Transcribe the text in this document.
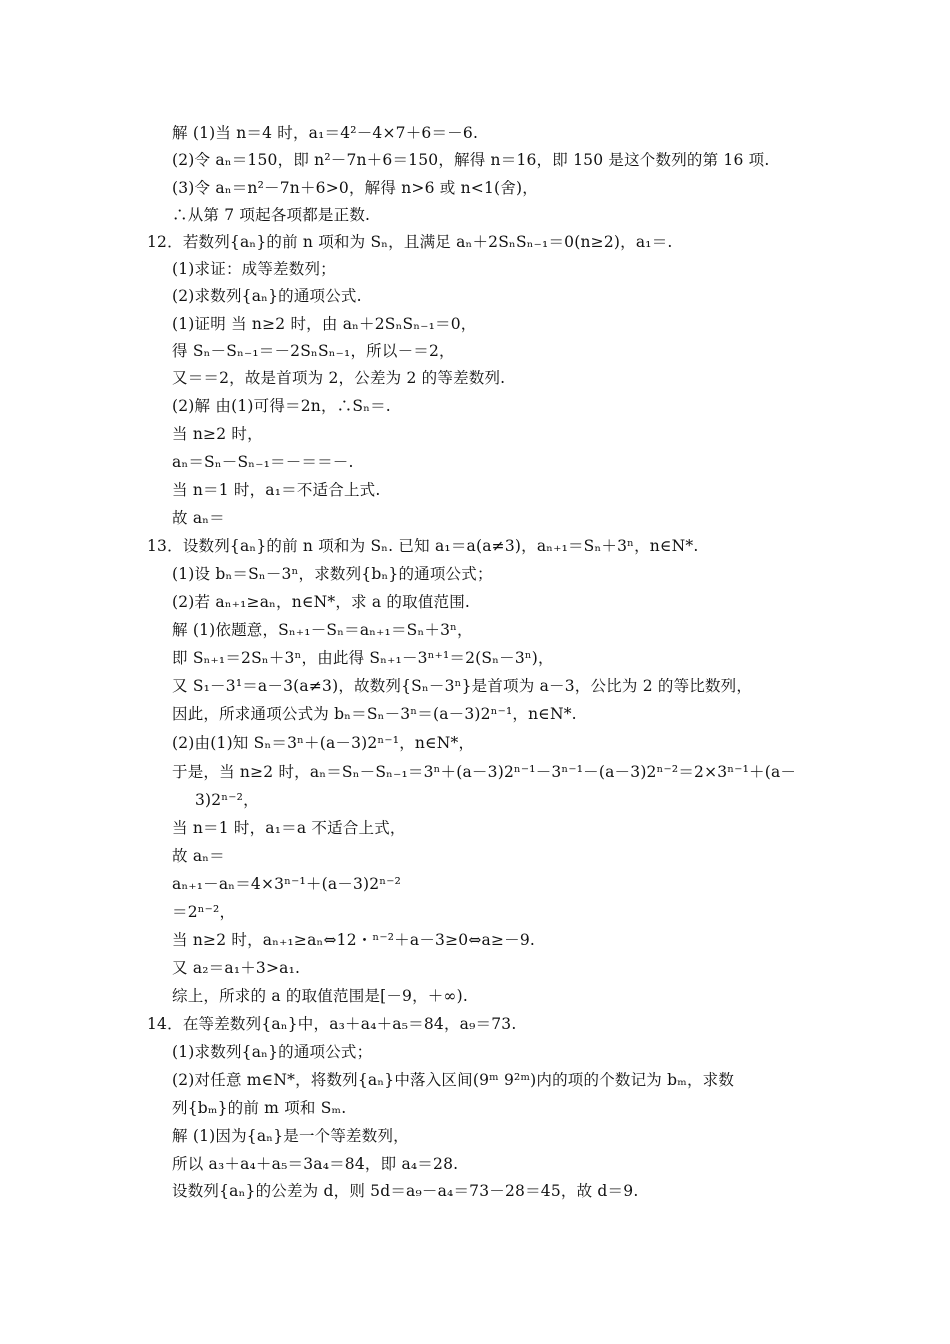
解 (1)当 n＝4 时，a₁＝4²－4×7＋6＝－6.
(2)令 aₙ＝150，即 n²－7n＋6＝150，解得 n＝16，即 150 是这个数列的第 16 项.
(3)令 aₙ＝n²－7n＋6>0，解得 n>6 或 n<1(舍)，
∴从第 7 项起各项都是正数.
12．若数列{aₙ}的前 n 项和为 Sₙ，且满足 aₙ＋2SₙSₙ₋₁＝0(n≥2)，a₁＝.
(1)求证：成等差数列；
(2)求数列{aₙ}的通项公式.
(1)证明 当 n≥2 时，由 aₙ＋2SₙSₙ₋₁＝0，
得 Sₙ－Sₙ₋₁＝－2SₙSₙ₋₁，所以－＝2，
又＝＝2，故是首项为 2，公差为 2 的等差数列.
(2)解 由(1)可得＝2n，∴Sₙ＝.
当 n≥2 时，
aₙ＝Sₙ－Sₙ₋₁＝－＝＝－.
当 n＝1 时，a₁＝不适合上式.
故 aₙ＝
13．设数列{aₙ}的前 n 项和为 Sₙ. 已知 a₁＝a(a≠3)，aₙ₊₁＝Sₙ＋3ⁿ，n∈N*.
(1)设 bₙ＝Sₙ－3ⁿ，求数列{bₙ}的通项公式；
(2)若 aₙ₊₁≥aₙ，n∈N*，求 a 的取值范围.
解 (1)依题意，Sₙ₊₁－Sₙ＝aₙ₊₁＝Sₙ＋3ⁿ，
即 Sₙ₊₁＝2Sₙ＋3ⁿ，由此得 Sₙ₊₁－3ⁿ⁺¹＝2(Sₙ－3ⁿ)，
又 S₁－3¹＝a－3(a≠3)，故数列{Sₙ－3ⁿ}是首项为 a－3，公比为 2 的等比数列，
因此，所求通项公式为 bₙ＝Sₙ－3ⁿ＝(a－3)2ⁿ⁻¹，n∈N*.
(2)由(1)知 Sₙ＝3ⁿ＋(a－3)2ⁿ⁻¹，n∈N*，
于是，当 n≥2 时，aₙ＝Sₙ－Sₙ₋₁＝3ⁿ＋(a－3)2ⁿ⁻¹－3ⁿ⁻¹－(a－3)2ⁿ⁻²＝2×3ⁿ⁻¹＋(a－
3)2ⁿ⁻²，
当 n＝1 时，a₁＝a 不适合上式，
故 aₙ＝
aₙ₊₁－aₙ＝4×3ⁿ⁻¹＋(a－3)2ⁿ⁻²
＝2ⁿ⁻²，
当 n≥2 时，aₙ₊₁≥aₙ⇔12・ⁿ⁻²＋a－3≥0⇔a≥－9.
又 a₂＝a₁＋3>a₁.
综上，所求的 a 的取值范围是[－9，＋∞).
14．在等差数列{aₙ}中，a₃＋a₄＋a₅＝84，a₉＝73.
(1)求数列{aₙ}的通项公式；
(2)对任意 m∈N*，将数列{aₙ}中落入区间(9ᵐ 9²ᵐ)内的项的个数记为 bₘ，求数
列{bₘ}的前 m 项和 Sₘ.
解 (1)因为{aₙ}是一个等差数列，
所以 a₃＋a₄＋a₅＝3a₄＝84，即 a₄＝28.
设数列{aₙ}的公差为 d，则 5d＝a₉－a₄＝73－28＝45，故 d＝9.
